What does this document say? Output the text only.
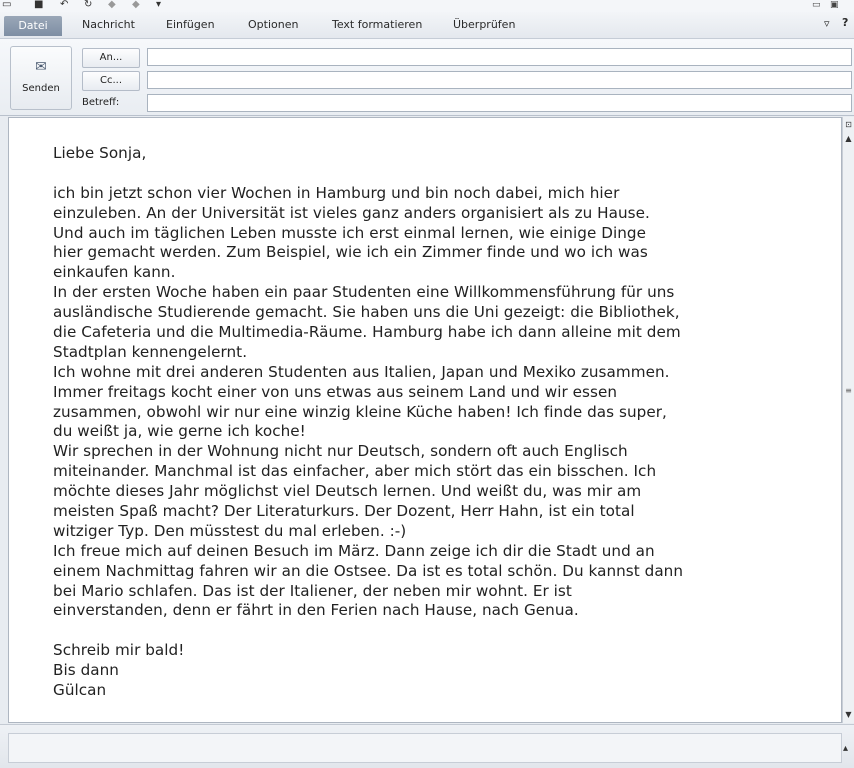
▭ ■ ↶ ↻ ◆ ◆ ▾	▭ ▣
Datei	Nachricht	Einfügen	Optionen	Text formatieren	Überprüfen	▿ ?
✉
Senden
An...
Cc...
Betreff:
Liebe Sonja,
ich bin jetzt schon vier Wochen in Hamburg und bin noch dabei, mich hier
einzuleben. An der Universität ist vieles ganz anders organisiert als zu Hause.
Und auch im täglichen Leben musste ich erst einmal lernen, wie einige Dinge
hier gemacht werden. Zum Beispiel, wie ich ein Zimmer finde und wo ich was
einkaufen kann.
In der ersten Woche haben ein paar Studenten eine Willkommensführung für uns
ausländische Studierende gemacht. Sie haben uns die Uni gezeigt: die Bibliothek,
die Cafeteria und die Multimedia-Räume. Hamburg habe ich dann alleine mit dem
Stadtplan kennengelernt.
Ich wohne mit drei anderen Studenten aus Italien, Japan und Mexiko zusammen.
Immer freitags kocht einer von uns etwas aus seinem Land und wir essen
zusammen, obwohl wir nur eine winzig kleine Küche haben! Ich finde das super,
du weißt ja, wie gerne ich koche!
Wir sprechen in der Wohnung nicht nur Deutsch, sondern oft auch Englisch
miteinander. Manchmal ist das einfacher, aber mich stört das ein bisschen. Ich
möchte dieses Jahr möglichst viel Deutsch lernen. Und weißt du, was mir am
meisten Spaß macht? Der Literaturkurs. Der Dozent, Herr Hahn, ist ein total
witziger Typ. Den müsstest du mal erleben. :-)
Ich freue mich auf deinen Besuch im März. Dann zeige ich dir die Stadt und an
einem Nachmittag fahren wir an die Ostsee. Da ist es total schön. Du kannst dann
bei Mario schlafen. Das ist der Italiener, der neben mir wohnt. Er ist
einverstanden, denn er fährt in den Ferien nach Hause, nach Genua.
Schreib mir bald!
Bis dann
Gülcan
⊡
▲
≡
▼
▴
